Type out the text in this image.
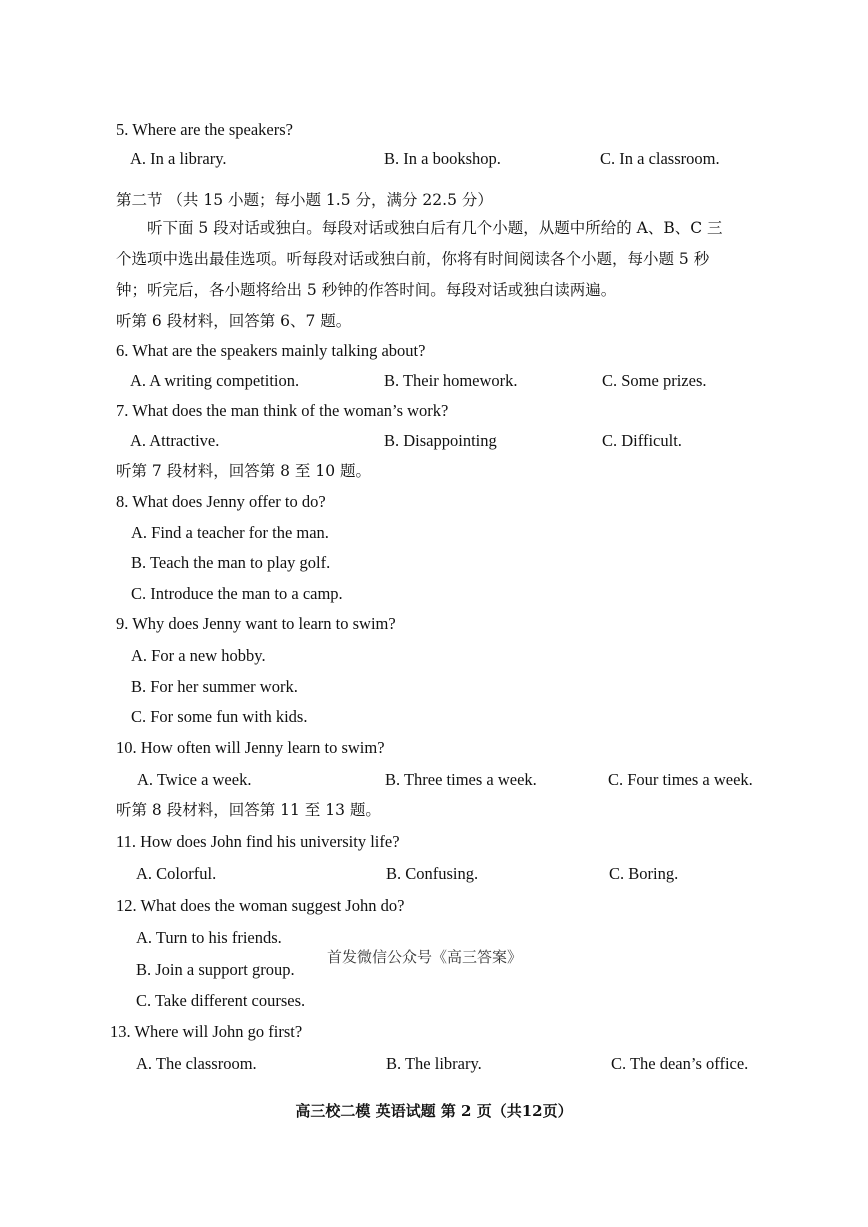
5. Where are the speakers?
A. In a library.	B. In a bookshop.	C. In a classroom.
第二节 （共 15 小题；每小题 1.5 分，满分 22.5 分）
听下面 5 段对话或独白。每段对话或独白后有几个小题，从题中所给的 A、B、C 三
个选项中选出最佳选项。听每段对话或独白前，你将有时间阅读各个小题，每小题 5 秒
钟；听完后，各小题将给出 5 秒钟的作答时间。每段对话或独白读两遍。
听第 6 段材料，回答第 6、7 题。
6. What are the speakers mainly talking about?
A. A writing competition.	B. Their homework.	C. Some prizes.
7. What does the man think of the woman’s work?
A. Attractive.	B. Disappointing	C. Difficult.
听第 7 段材料，回答第 8 至 10 题。
8. What does Jenny offer to do?
A. Find a teacher for the man.
B. Teach the man to play golf.
C. Introduce the man to a camp.
9. Why does Jenny want to learn to swim?
A. For a new hobby.
B. For her summer work.
C. For some fun with kids.
10. How often will Jenny learn to swim?
A. Twice a week.	B. Three times a week.	C. Four times a week.
听第 8 段材料，回答第 11 至 13 题。
11. How does John find his university life?
A. Colorful.	B. Confusing.	C. Boring.
12. What does the woman suggest John do?
A. Turn to his friends.
B. Join a support group.
C. Take different courses.
首发微信公众号《高三答案》
13. Where will John go first?
A. The classroom.	B. The library.	C. The dean’s office.
高三校二模 英语试题 第 2 页（共12页）
